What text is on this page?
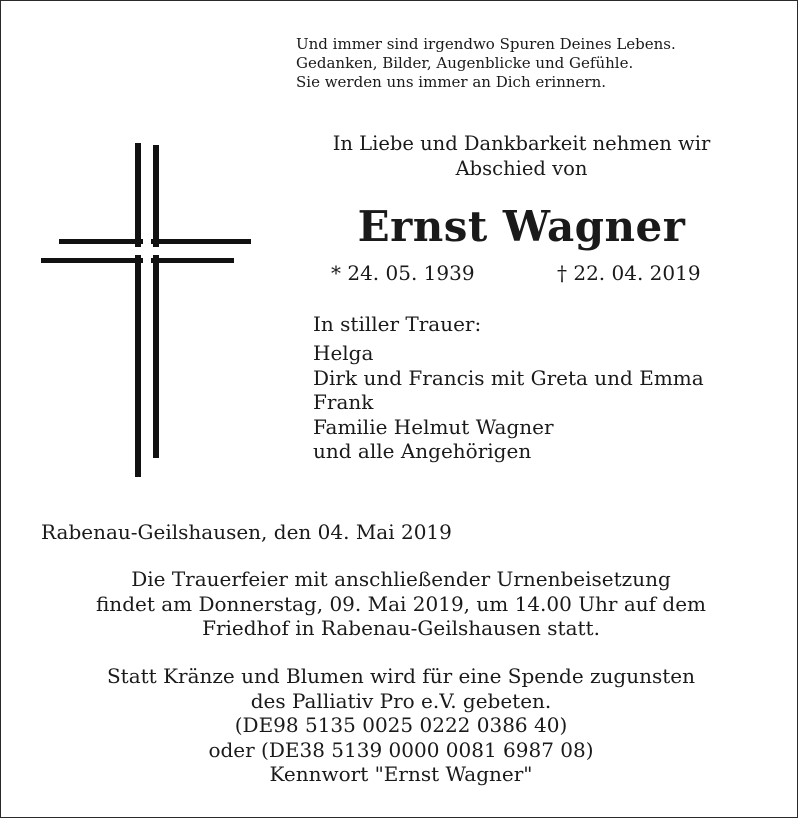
Und immer sind irgendwo Spuren Deines Lebens.
Gedanken, Bilder, Augenblicke und Gefühle.
Sie werden uns immer an Dich erinnern.
In Liebe und Dankbarkeit nehmen wir
Abschied von
Ernst Wagner
* 24. 05. 1939	† 22. 04. 2019
In stiller Trauer:
Helga
Dirk und Francis mit Greta und Emma
Frank
Familie Helmut Wagner
und alle Angehörigen
Rabenau-Geilshausen, den 04. Mai 2019
Die Trauerfeier mit anschließender Urnenbeisetzung
findet am Donnerstag, 09. Mai 2019, um 14.00 Uhr auf dem
Friedhof in Rabenau-Geilshausen statt.
Statt Kränze und Blumen wird für eine Spende zugunsten
des Palliativ Pro e.V. gebeten.
(DE98 5135 0025 0222 0386 40)
oder (DE38 5139 0000 0081 6987 08)
Kennwort "Ernst Wagner"
